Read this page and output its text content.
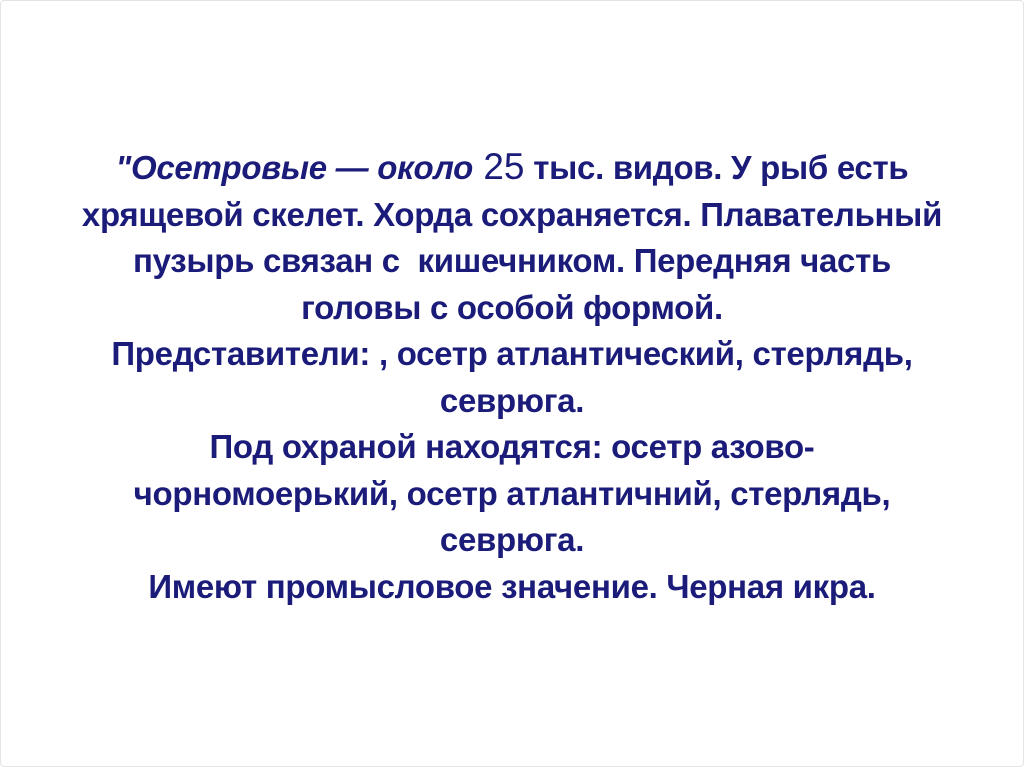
"Осетровые — около 25 тыс. видов. У рыб есть
хрящевой скелет. Хорда сохраняется. Плавательный
пузырь связан с  кишечником. Передняя часть
головы с особой формой.
Представители: , осетр атлантический, стерлядь,
севрюга.
Под охраной находятся: осетр азово-
чорномоерький, осетр атлантичний, стерлядь,
севрюга.
Имеют промысловое значение. Черная икра.
